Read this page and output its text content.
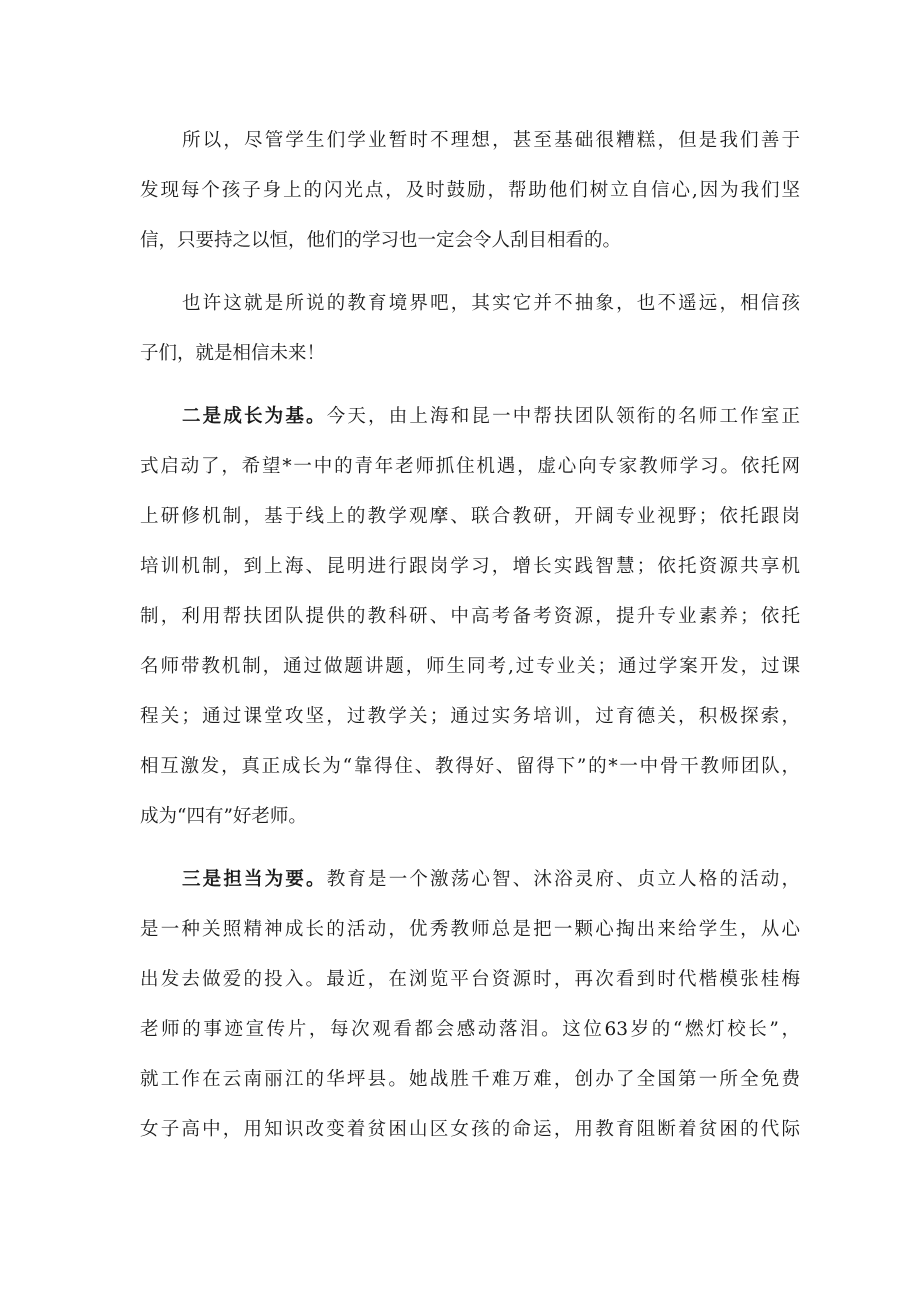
所以，尽管学生们学业暂时不理想，甚至基础很糟糕，但是我们善于
发现每个孩子身上的闪光点，及时鼓励，帮助他们树立自信心,因为我们坚
信，只要持之以恒，他们的学习也一定会令人刮目相看的。
也许这就是所说的教育境界吧，其实它并不抽象，也不遥远，相信孩
子们，就是相信未来！
二是成长为基。今天，由上海和昆一中帮扶团队领衔的名师工作室正
式启动了，希望*一中的青年老师抓住机遇，虚心向专家教师学习。依托网
上研修机制，基于线上的教学观摩、联合教研，开阔专业视野；依托跟岗
培训机制，到上海、昆明进行跟岗学习，增长实践智慧；依托资源共享机
制，利用帮扶团队提供的教科研、中高考备考资源，提升专业素养；依托
名师带教机制，通过做题讲题，师生同考,过专业关；通过学案开发，过课
程关；通过课堂攻坚，过教学关；通过实务培训，过育德关，积极探索，
相互激发，真正成长为“靠得住、教得好、留得下”的*一中骨干教师团队，
成为“四有”好老师。
三是担当为要。教育是一个激荡心智、沐浴灵府、贞立人格的活动，
是一种关照精神成长的活动，优秀教师总是把一颗心掏出来给学生，从心
出发去做爱的投入。最近，在浏览平台资源时，再次看到时代楷模张桂梅
老师的事迹宣传片，每次观看都会感动落泪。这位63岁的“燃灯校长”，
就工作在云南丽江的华坪县。她战胜千难万难，创办了全国第一所全免费
女子高中，用知识改变着贫困山区女孩的命运，用教育阻断着贫困的代际
